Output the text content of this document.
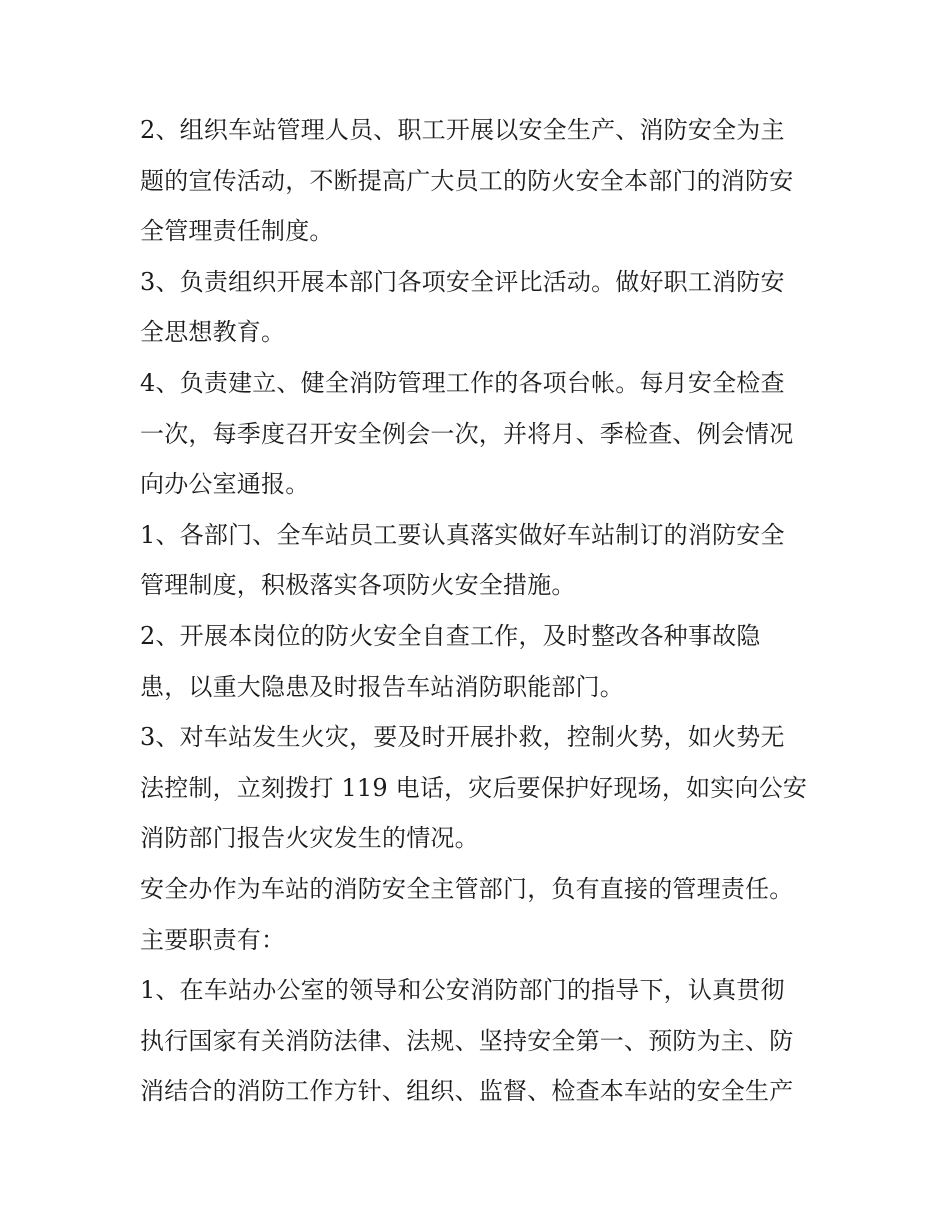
2、组织车站管理人员、职工开展以安全生产、消防安全为主
题的宣传活动，不断提高广大员工的防火安全本部门的消防安
全管理责任制度。
3、负责组织开展本部门各项安全评比活动。做好职工消防安
全思想教育。
4、负责建立、健全消防管理工作的各项台帐。每月安全检查
一次，每季度召开安全例会一次，并将月、季检查、例会情况
向办公室通报。
1、各部门、全车站员工要认真落实做好车站制订的消防安全
管理制度，积极落实各项防火安全措施。
2、开展本岗位的防火安全自查工作，及时整改各种事故隐
患，以重大隐患及时报告车站消防职能部门。
3、对车站发生火灾，要及时开展扑救，控制火势，如火势无
法控制，立刻拨打 119 电话，灾后要保护好现场，如实向公安
消防部门报告火灾发生的情况。
安全办作为车站的消防安全主管部门，负有直接的管理责任。
主要职责有：
1、在车站办公室的领导和公安消防部门的指导下，认真贯彻
执行国家有关消防法律、法规、坚持安全第一、预防为主、防
消结合的消防工作方针、组织、监督、检查本车站的安全生产
